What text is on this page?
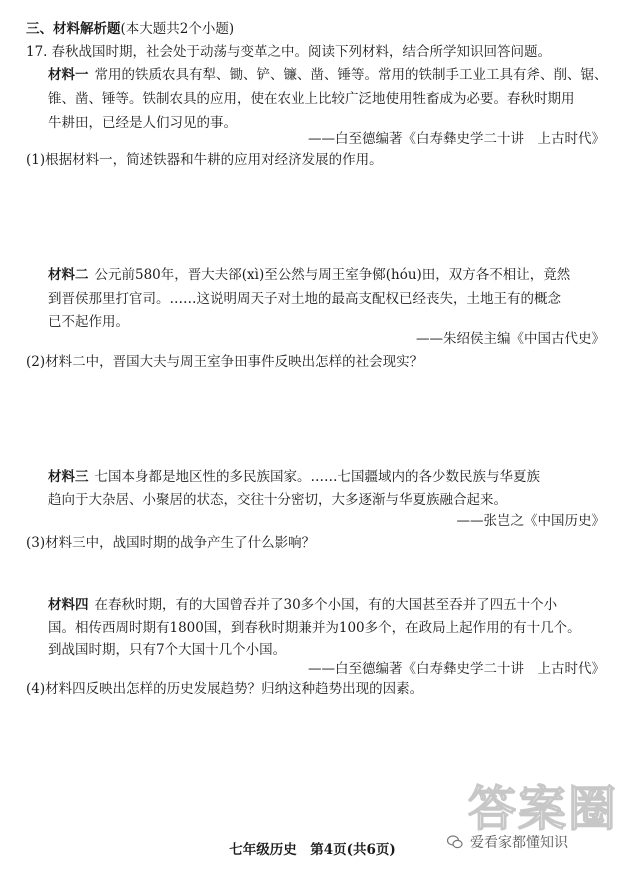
三、材料解析题(本大题共2个小题)
17. 春秋战国时期，社会处于动荡与变革之中。阅读下列材料，结合所学知识回答问题。
材料一 常用的铁质农具有犁、锄、铲、镰、凿、锤等。常用的铁制手工业工具有斧、削、锯、
锥、凿、锤等。铁制农具的应用，使在农业上比较广泛地使用牲畜成为必要。春秋时期用
牛耕田，已经是人们习见的事。
——白至德编著《白寿彝史学二十讲　上古时代》
(1)根据材料一，简述铁器和牛耕的应用对经济发展的作用。
材料二 公元前580年，晋大夫郤(xì)至公然与周王室争鄇(hóu)田，双方各不相让，竟然
到晋侯那里打官司。……这说明周天子对土地的最高支配权已经丧失，土地王有的概念
已不起作用。
——朱绍侯主编《中国古代史》
(2)材料二中，晋国大夫与周王室争田事件反映出怎样的社会现实？
材料三 七国本身都是地区性的多民族国家。……七国疆域内的各少数民族与华夏族
趋向于大杂居、小聚居的状态，交往十分密切，大多逐渐与华夏族融合起来。
——张岂之《中国历史》
(3)材料三中，战国时期的战争产生了什么影响？
材料四 在春秋时期，有的大国曾吞并了30多个小国，有的大国甚至吞并了四五十个小
国。相传西周时期有1800国，到春秋时期兼并为100多个，在政局上起作用的有十几个。
到战国时期，只有7个大国十几个小国。
——白至德编著《白寿彝史学二十讲　上古时代》
(4)材料四反映出怎样的历史发展趋势？归纳这种趋势出现的因素。
答案圈
爱看家都懂知识
七年级历史　第4页(共6页)
